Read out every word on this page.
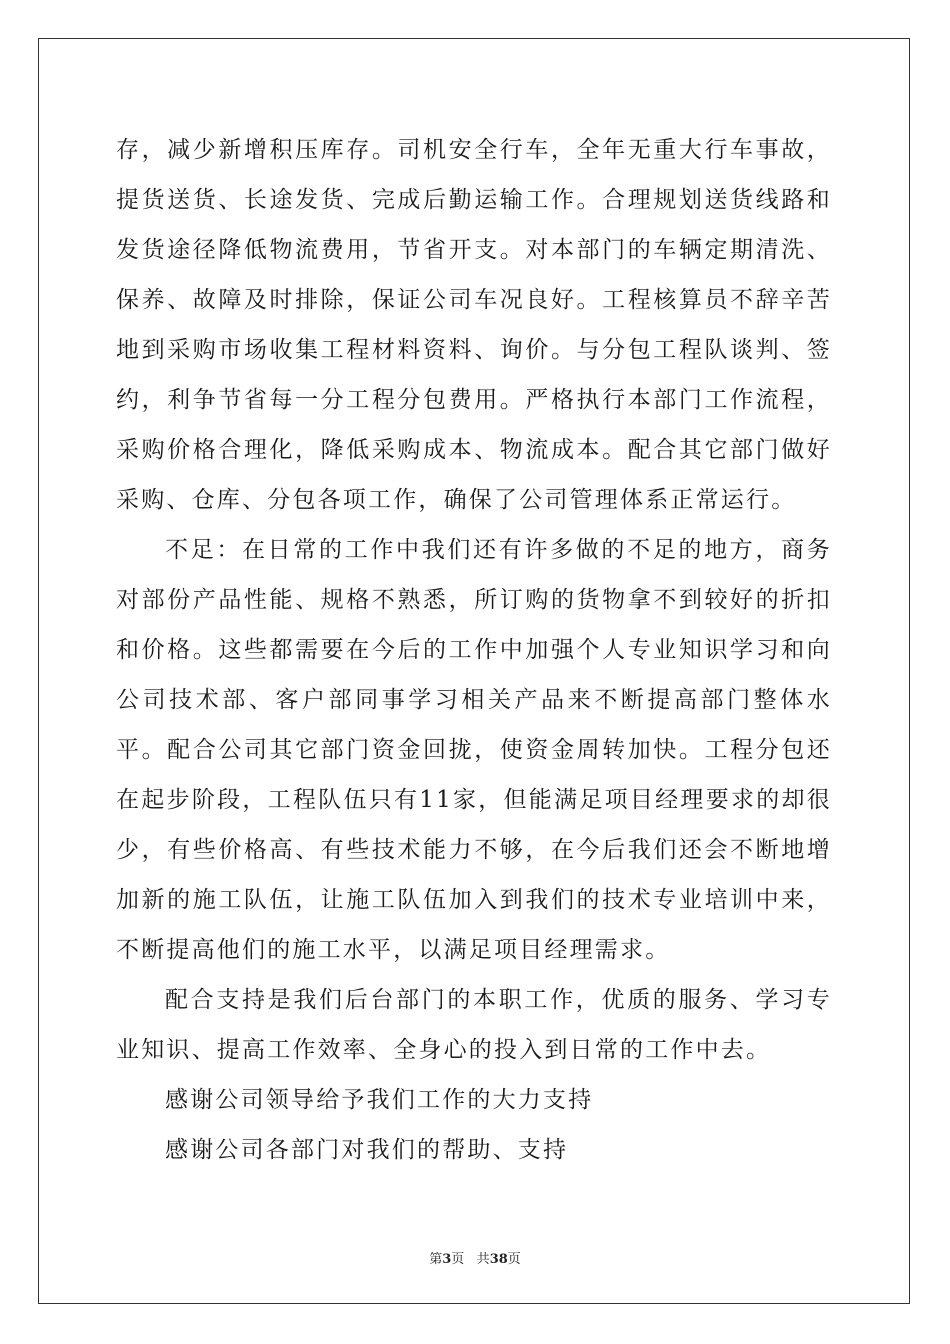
存，减少新增积压库存。司机安全行车，全年无重大行车事故，提货送货、长途发货、完成后勤运输工作。合理规划送货线路和发货途径降低物流费用，节省开支。对本部门的车辆定期清洗、保养、故障及时排除，保证公司车况良好。工程核算员不辞辛苦地到采购市场收集工程材料资料、询价。与分包工程队谈判、签约，利争节省每一分工程分包费用。严格执行本部门工作流程，采购价格合理化，降低采购成本、物流成本。配合其它部门做好采购、仓库、分包各项工作，确保了公司管理体系正常运行。

不足：在日常的工作中我们还有许多做的不足的地方，商务对部份产品性能、规格不熟悉，所订购的货物拿不到较好的折扣和价格。这些都需要在今后的工作中加强个人专业知识学习和向公司技术部、客户部同事学习相关产品来不断提高部门整体水平。配合公司其它部门资金回拢，使资金周转加快。工程分包还在起步阶段，工程队伍只有11家，但能满足项目经理要求的却很少，有些价格高、有些技术能力不够，在今后我们还会不断地增加新的施工队伍，让施工队伍加入到我们的技术专业培训中来，不断提高他们的施工水平，以满足项目经理需求。

配合支持是我们后台部门的本职工作，优质的服务、学习专业知识、提高工作效率、全身心的投入到日常的工作中去。

感谢公司领导给予我们工作的大力支持

感谢公司各部门对我们的帮助、支持

第3页 共38页
